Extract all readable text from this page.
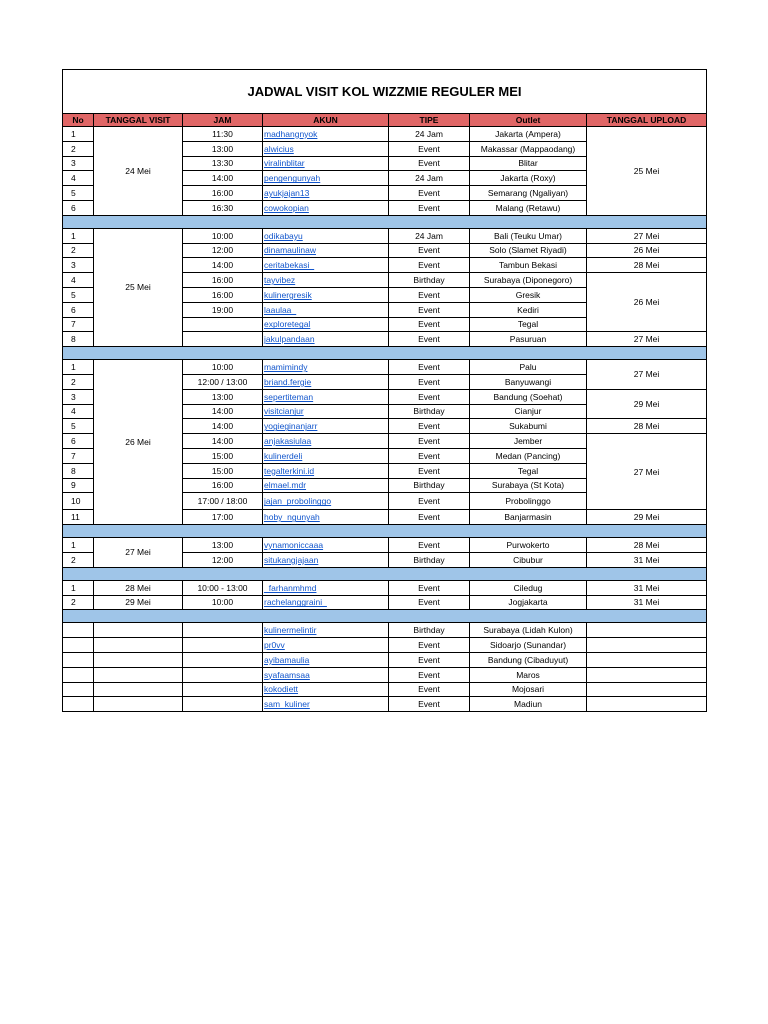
JADWAL VISIT KOL WIZZMIE REGULER MEI						
No	TANGGAL VISIT	JAM	AKUN	TIPE	Outlet	TANGGAL UPLOAD
1	24 Mei	11:30	madhangnyok	24 Jam	Jakarta (Ampera)	25 Mei
2		13:00	alwicius	Event	Makassar (Mappaodang)	
3		13:30	viralinblitar	Event	Blitar	
4		14:00	pengengunyah	24 Jam	Jakarta (Roxy)	
5		16:00	ayukjajan13	Event	Semarang (Ngaliyan)	
6		16:30	cowokopian	Event	Malang (Retawu)	

1	25 Mei	10:00	odikabayu	24 Jam	Bali (Teuku Umar)	27 Mei
2		12:00	dinamaulinaw	Event	Solo (Slamet Riyadi)	26 Mei
3		14:00	ceritabekasi_	Event	Tambun Bekasi	28 Mei
4		16:00	tayvibez	Birthday	Surabaya (Diponegoro)	26 Mei
5		16:00	kulinergresik	Event	Gresik	
6		19:00	laaulaa_	Event	Kediri	
7			exploretegal	Event	Tegal	
8			jakulpandaan	Event	Pasuruan	27 Mei

1	26 Mei	10:00	mamimindy	Event	Palu	27 Mei
2		12:00 / 13:00	briand.fergie	Event	Banyuwangi	
3		13:00	sepertiteman	Event	Bandung (Soehat)	29 Mei
4		14:00	visitcianjur	Birthday	Cianjur	
5		14:00	yogieginanjarr	Event	Sukabumi	28 Mei
6		14:00	anjakasiulaa	Event	Jember	27 Mei
7		15:00	kulinerdeli	Event	Medan (Pancing)	
8		15:00	tegalterkini.id	Event	Tegal	
9		16:00	elmael.mdr	Birthday	Surabaya (St Kota)	
10		17:00 / 18:00	jajan_probolinggo	Event	Probolinggo	
11		17:00	hoby_ngunyah	Event	Banjarmasin	29 Mei

1	27 Mei	13:00	vynamoniccaaa	Event	Purwokerto	28 Mei
2		12:00	situkangjajaan	Birthday	Cibubur	31 Mei

1	28 Mei	10:00 - 13:00	_farhanmhmd	Event	Ciledug	31 Mei
2	29 Mei	10:00	rachelanggraini_	Event	Jogjakarta	31 Mei

			kulinermelintir	Birthday	Surabaya (Lidah Kulon)	
			pr0vv	Event	Sidoarjo (Sunandar)	
			ayibamaulia	Event	Bandung (Cibaduyut)	
			syafaamsaa	Event	Maros	
			kokodiett	Event	Mojosari	
			sam_kuliner	Event	Madiun	
